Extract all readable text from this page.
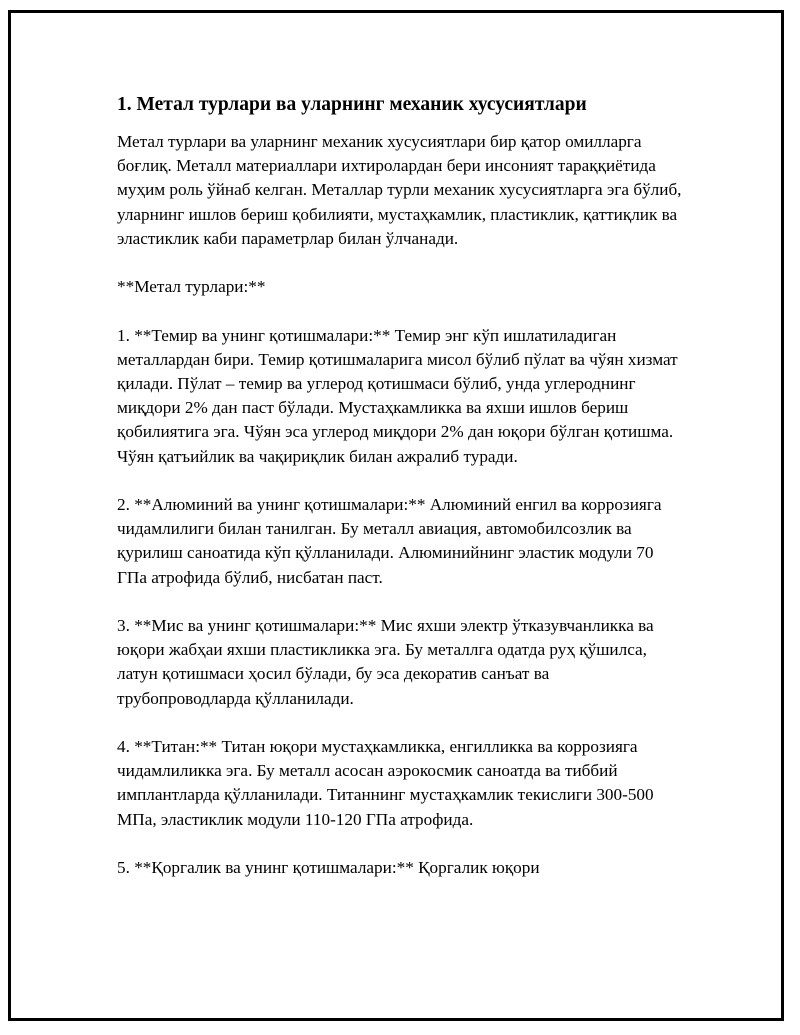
1. Метал турлари ва уларнинг механик хусусиятлари

Метал турлари ва уларнинг механик хусусиятлари бир қатор омилларга боғлиқ. Металл материаллари ихтиролардан бери инсоният тараққиётида муҳим роль ўйнаб келган. Металлар турли механик хусусиятларга эга бўлиб, уларнинг ишлов бериш қобилияти, мустаҳкамлик, пластиклик, қаттиқлик ва эластиклик каби параметрлар билан ўлчанади.

**Метал турлари:**

1. **Темир ва унинг қотишмалари:** Темир энг кўп ишлатиладиган металлардан бири. Темир қотишмаларига мисол бўлиб пўлат ва чўян хизмат қилади. Пўлат – темир ва углерод қотишмаси бўлиб, унда углероднинг миқдори 2% дан паст бўлади. Мустаҳкамликка ва яхши ишлов бериш қобилиятига эга. Чўян эса углерод миқдори 2% дан юқори бўлган қотишма. Чўян қатъийлик ва чақириқлик билан ажралиб туради.

2. **Алюминий ва унинг қотишмалари:** Алюминий енгил ва коррозияга чидамлилиги билан танилган. Бу металл авиация, автомобилсозлик ва қурилиш саноатида кўп қўлланилади. Алюминийнинг эластик модули 70 ГПа атрофида бўлиб, нисбатан паст.

3. **Мис ва унинг қотишмалари:** Мис яхши электр ўтказувчанликка ва юқори жабҳаи яхши пластикликка эга. Бу металлга одатда руҳ қўшилса, латун қотишмаси ҳосил бўлади, бу эса декоратив санъат ва трубопроводларда қўлланилади.

4. **Титан:** Титан юқори мустаҳкамликка, енгилликка ва коррозияга чидамлиликка эга. Бу металл асосан аэрокосмик саноатда ва тиббий имплантларда қўлланилади. Титаннинг мустаҳкамлик текислиги 300-500 МПа, эластиклик модули 110-120 ГПа атрофида.

5. **Қоргалик ва унинг қотишмалари:** Қоргалик юқори
